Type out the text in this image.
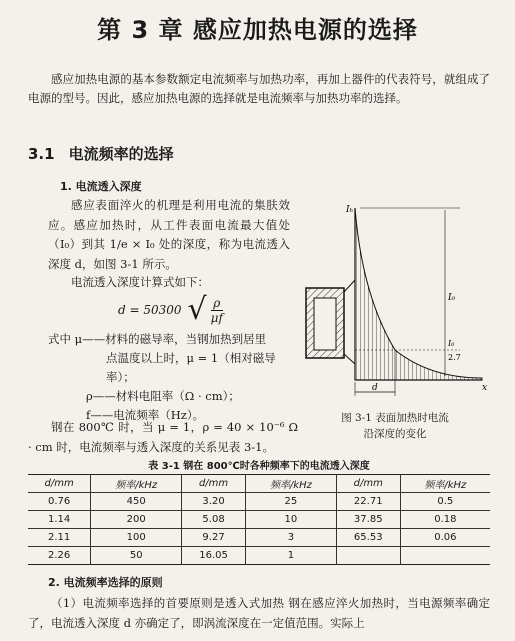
第 3 章 感应加热电源的选择
感应加热电源的基本参数额定电流频率与加热功率，再加上器件的代表符号，就组成了电源的型号。因此，感应加热电源的选择就是电流频率与加热功率的选择。
3.1 电流频率的选择
1. 电流透入深度
感应表面淬火的机理是利用电流的集肤效应。感应加热时，从工件表面电流最大值处（I₀）到其 1/e × I₀ 处的深度，称为电流透入深度 d，如图 3-1 所示。
电流透入深度计算式如下：
d = 50300 √ $\frac{\rho}{\mu f}$
式中 μ——材料的磁导率，当钢加热到居里
点温度以上时，μ = 1（相对磁导
率）；
ρ——材料电阻率（Ω · cm）；
f——电流频率（Hz）。
钢在 800℃ 时，当 μ = 1，ρ = 40 × 10⁻⁶ Ω · cm 时，电流频率与透入深度的关系见表 3-1。
Iₕ
I₀
I₀
2.7
d	x
图 3-1 表面加热时电流
沿深度的变化
表 3-1 钢在 800℃时各种频率下的电流透入深度
d/mm	频率/kHz	d/mm	频率/kHz	d/mm	频率/kHz
0.76	450	3.20	25	22.71	0.5
1.14	200	5.08	10	37.85	0.18
2.11	100	9.27	3	65.53	0.06
2.26	50	16.05	1		
2. 电流频率选择的原则
（1）电流频率选择的首要原则是透入式加热 钢在感应淬火加热时，当电源频率确定了，电流透入深度 d 亦确定了，即涡流深度在一定值范围。实际上
